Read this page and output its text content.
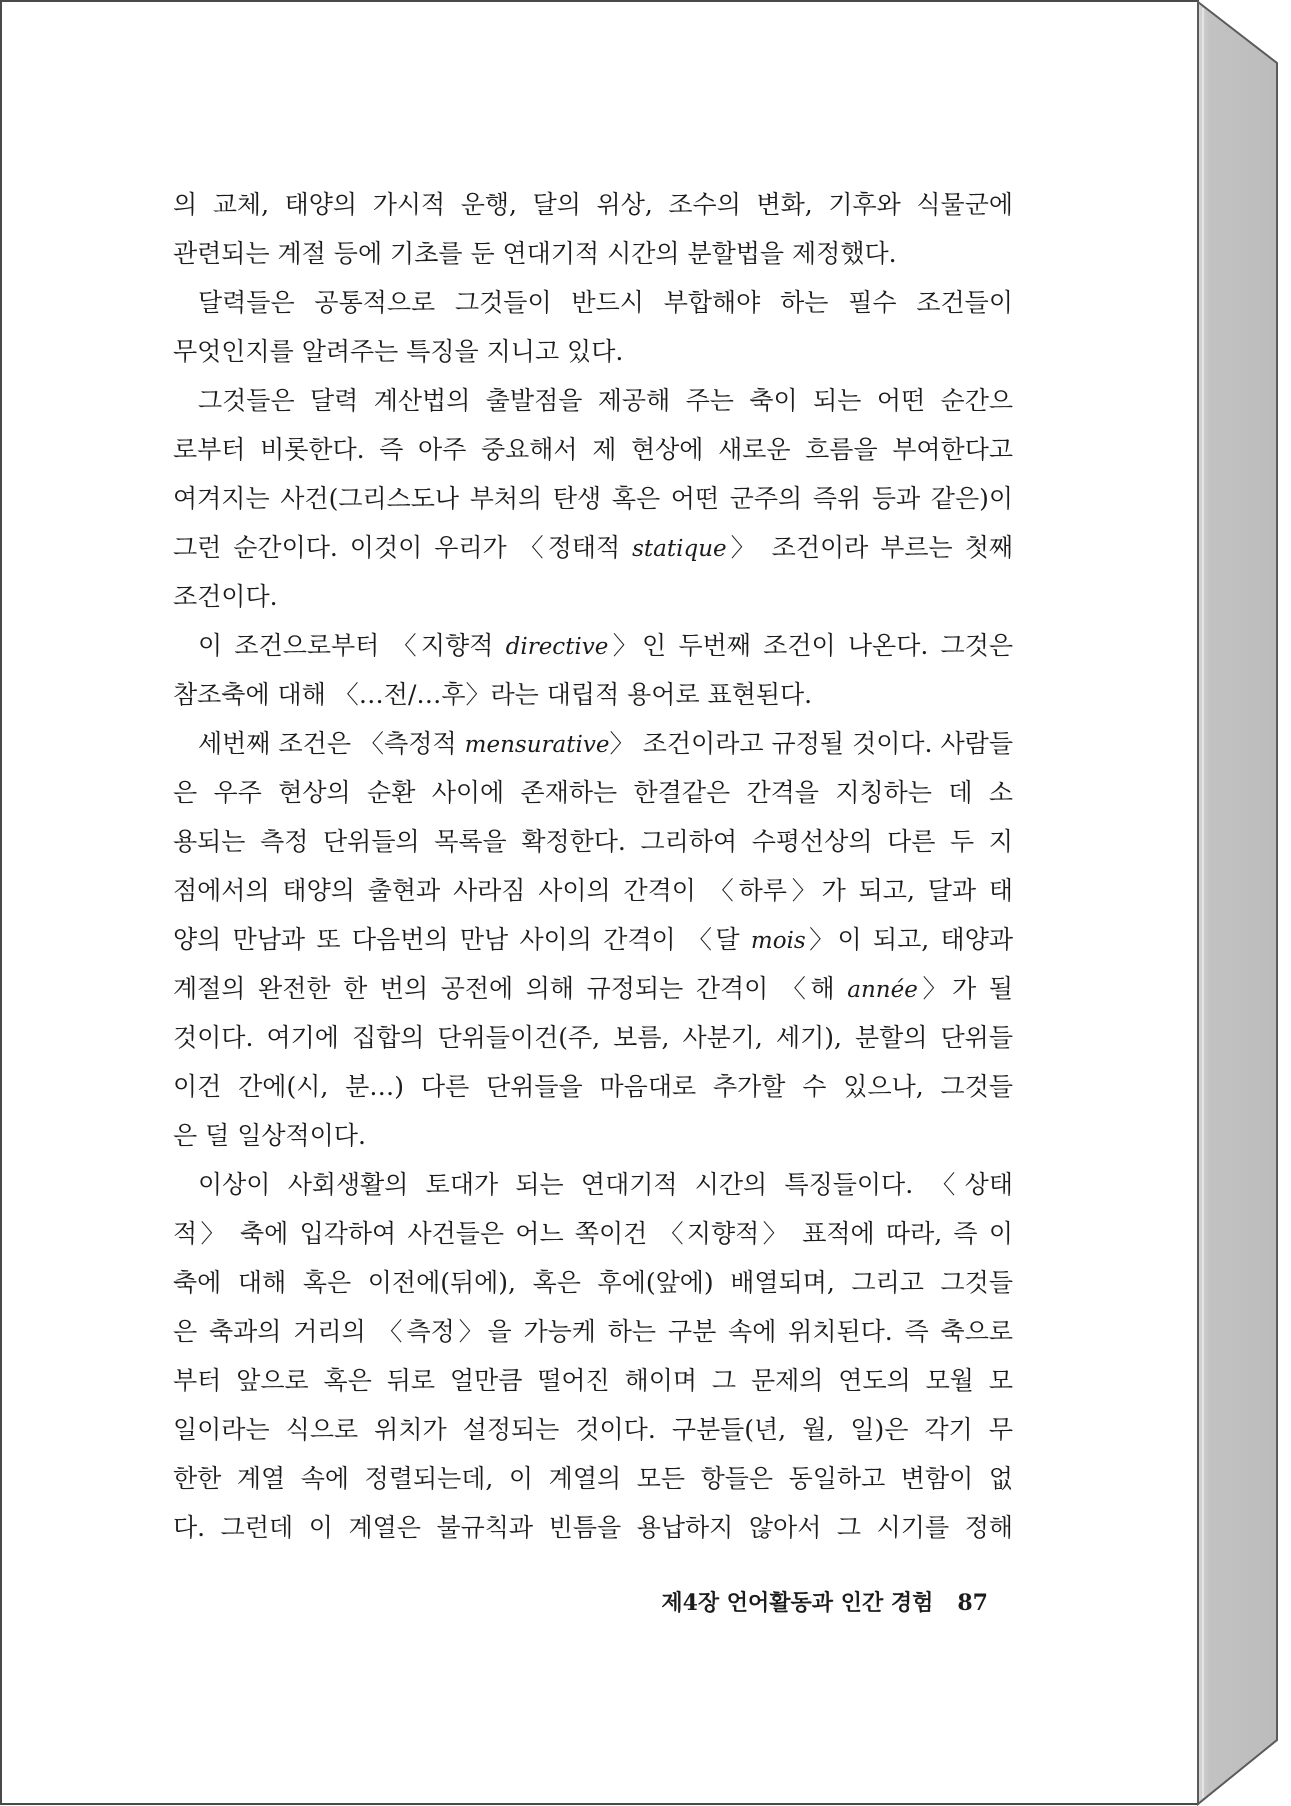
의 교체, 태양의 가시적 운행, 달의 위상, 조수의 변화, 기후와 식물군에
관련되는 계절 등에 기초를 둔 연대기적 시간의 분할법을 제정했다.
달력들은 공통적으로 그것들이 반드시 부합해야 하는 필수 조건들이
무엇인지를 알려주는 특징을 지니고 있다.
그것들은 달력 계산법의 출발점을 제공해 주는 축이 되는 어떤 순간으
로부터 비롯한다. 즉 아주 중요해서 제 현상에 새로운 흐름을 부여한다고
여겨지는 사건(그리스도나 부처의 탄생 혹은 어떤 군주의 즉위 등과 같은)이
그런 순간이다. 이것이 우리가 〈정태적 statique〉 조건이라 부르는 첫째
조건이다.
이 조건으로부터 〈지향적 directive〉인 두번째 조건이 나온다. 그것은
참조축에 대해 〈…전/…후〉라는 대립적 용어로 표현된다.
세번째 조건은 〈측정적 mensurative〉 조건이라고 규정될 것이다. 사람들
은 우주 현상의 순환 사이에 존재하는 한결같은 간격을 지칭하는 데 소
용되는 측정 단위들의 목록을 확정한다. 그리하여 수평선상의 다른 두 지
점에서의 태양의 출현과 사라짐 사이의 간격이 〈하루〉가 되고, 달과 태
양의 만남과 또 다음번의 만남 사이의 간격이 〈달 mois〉이 되고, 태양과
계절의 완전한 한 번의 공전에 의해 규정되는 간격이 〈해 année〉가 될
것이다. 여기에 집합의 단위들이건(주, 보름, 사분기, 세기), 분할의 단위들
이건 간에(시, 분…) 다른 단위들을 마음대로 추가할 수 있으나, 그것들
은 덜 일상적이다.
이상이 사회생활의 토대가 되는 연대기적 시간의 특징들이다. 〈상태
적〉 축에 입각하여 사건들은 어느 쪽이건 〈지향적〉 표적에 따라, 즉 이
축에 대해 혹은 이전에(뒤에), 혹은 후에(앞에) 배열되며, 그리고 그것들
은 축과의 거리의 〈측정〉을 가능케 하는 구분 속에 위치된다. 즉 축으로
부터 앞으로 혹은 뒤로 얼만큼 떨어진 해이며 그 문제의 연도의 모월 모
일이라는 식으로 위치가 설정되는 것이다. 구분들(년, 월, 일)은 각기 무
한한 계열 속에 정렬되는데, 이 계열의 모든 항들은 동일하고 변함이 없
다. 그런데 이 계열은 불규칙과 빈틈을 용납하지 않아서 그 시기를 정해
제4장 언어활동과 인간 경험 87
